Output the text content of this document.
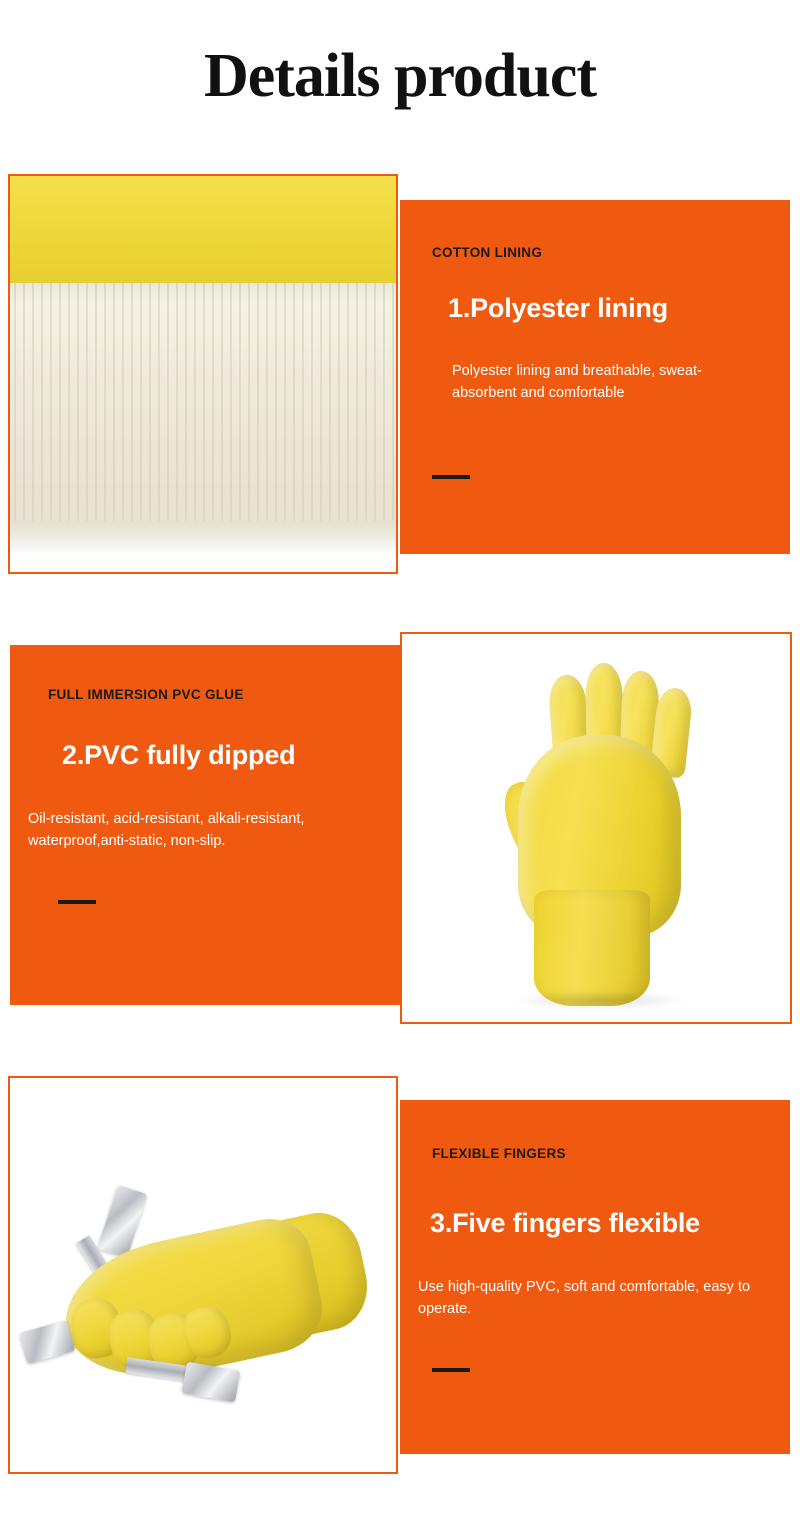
Details product
COTTON LINING
1.Polyester lining
Polyester lining and breathable, sweat-absorbent and comfortable
FULL IMMERSION PVC GLUE
2.PVC fully dipped
Oil-resistant, acid-resistant, alkali-resistant, waterproof,anti-static, non-slip.
FLEXIBLE FINGERS
3.Five fingers flexible
Use high-quality PVC, soft and comfortable, easy to operate.
